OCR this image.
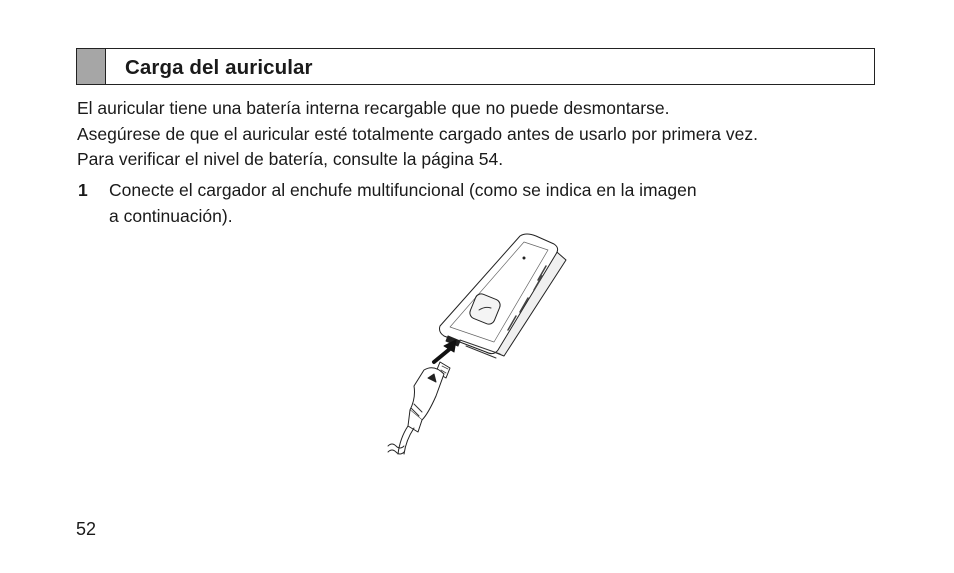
Carga del auricular

El auricular tiene una batería interna recargable que no puede desmontarse.

Asegúrese de que el auricular esté totalmente cargado antes de usarlo por primera vez.

Para verificar el nivel de batería, consulte la página 54.

1 Conecte el cargador al enchufe multifuncional (como se indica en la imagen
a continuación).
52
